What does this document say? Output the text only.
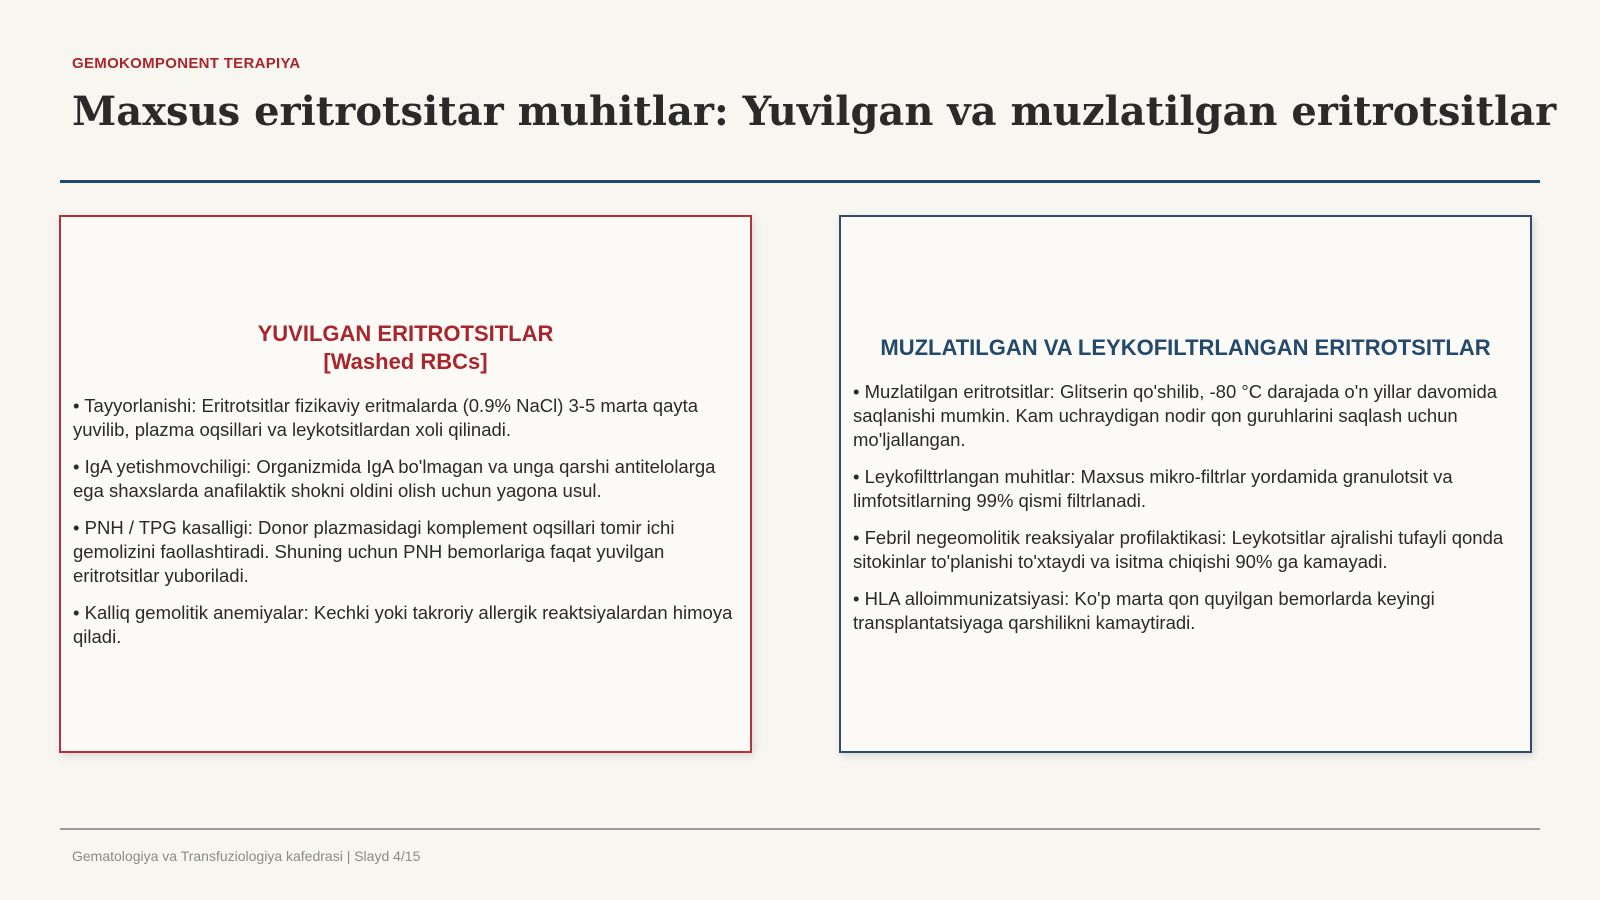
GEMOKOMPONENT TERAPIYA
Maxsus eritrotsitar muhitlar: Yuvilgan va muzlatilgan eritrotsitlar
YUVILGAN ERITROTSITLAR
[Washed RBCs]
• Tayyorlanishi: Eritrotsitlar fizikaviy eritmalarda (0.9% NaCl) 3-5 marta qayta yuvilib, plazma oqsillari va leykotsitlardan xoli qilinadi.
• IgA yetishmovchiligi: Organizmida IgA bo'lmagan va unga qarshi antitelolarga ega shaxslarda anafilaktik shokni oldini olish uchun yagona usul.
• PNH / TPG kasalligi: Donor plazmasidagi komplement oqsillari tomir ichi gemolizini faollashtiradi. Shuning uchun PNH bemorlariga faqat yuvilgan eritrotsitlar yuboriladi.
• Kalliq gemolitik anemiyalar: Kechki yoki takroriy allergik reaktsiyalardan himoya qiladi.
MUZLATILGAN VA LEYKOFILTRLANGAN ERITROTSITLAR
• Muzlatilgan eritrotsitlar: Glitserin qo'shilib, -80 °C darajada o'n yillar davomida saqlanishi mumkin. Kam uchraydigan nodir qon guruhlarini saqlash uchun mo'ljallangan.
• Leykofilttrlangan muhitlar: Maxsus mikro-filtrlar yordamida granulotsit va limfotsitlarning 99% qismi filtrlanadi.
• Febril negeomolitik reaksiyalar profilaktikasi: Leykotsitlar ajralishi tufayli qonda sitokinlar to'planishi to'xtaydi va isitma chiqishi 90% ga kamayadi.
• HLA alloimmunizatsiyasi: Ko'p marta qon quyilgan bemorlarda keyingi transplantatsiyaga qarshilikni kamaytiradi.
Gematologiya va Transfuziologiya kafedrasi | Slayd 4/15
